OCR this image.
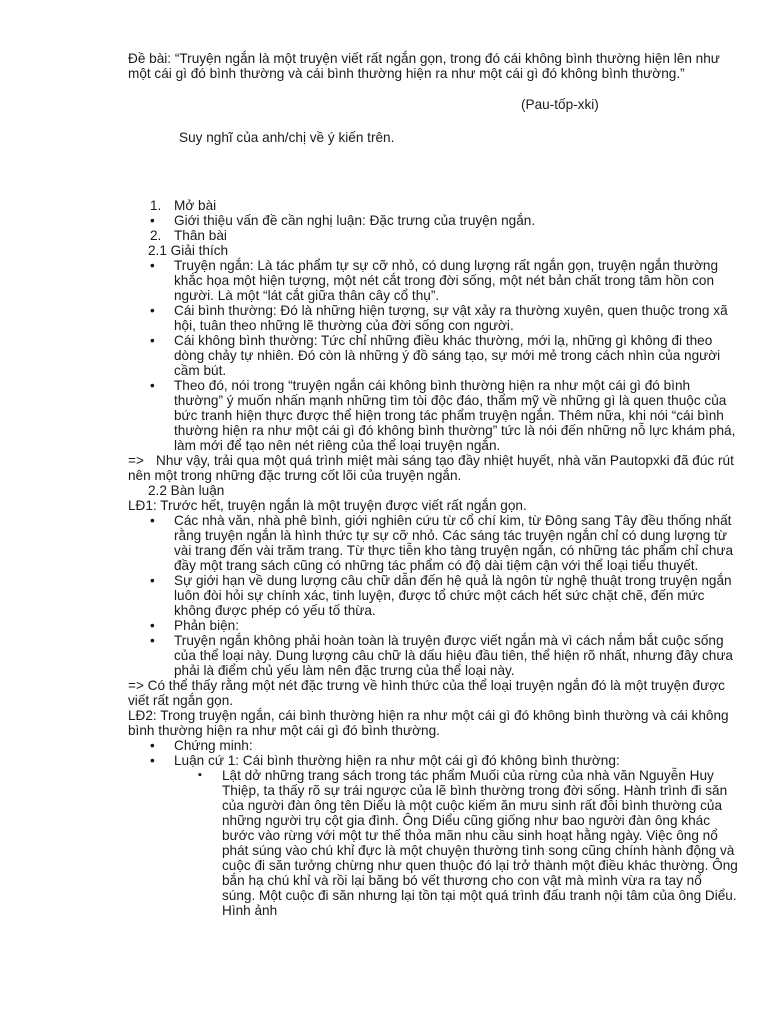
Đề bài: “Truyện ngắn là một truyện viết rất ngắn gọn, trong đó cái không bình thường hiện lên như một cái gì đó bình thường và cái bình thường hiện ra như một cái gì đó không bình thường.”

(Pau-tốp-xki)

Suy nghĩ của anh/chị về ý kiến trên.

1. Mở bài

• Giới thiệu vấn đề cần nghị luận: Đặc trưng của truyện ngắn.

2. Thân bài

2.1 Giải thích

• Truyện ngắn: Là tác phẩm tự sự cỡ nhỏ, có dung lượng rất ngắn gọn, truyện ngắn thường khắc họa một hiện tượng, một nét cắt trong đời sống, một nét bản chất trong tâm hồn con người. Là một “lát cắt giữa thân cây cổ thụ”.
• Cái bình thường: Đó là những hiện tượng, sự vật xảy ra thường xuyên, quen thuộc trong xã hội, tuân theo những lẽ thường của đời sống con người.
• Cái không bình thường: Tức chỉ những điều khác thường, mới lạ, những gì không đi theo dòng chảy tự nhiên. Đó còn là những ý đồ sáng tạo, sự mới mẻ trong cách nhìn của người cầm bút.
• Theo đó, nói trong “truyện ngắn cái không bình thường hiện ra như một cái gì đó bình thường” ý muốn nhấn mạnh những tìm tòi độc đáo, thẩm mỹ về những gì là quen thuộc của bức tranh hiện thực được thể hiện trong tác phẩm truyện ngắn. Thêm nữa, khi nói “cái bình thường hiện ra như một cái gì đó không bình thường” tức là nói đến những nỗ lực khám phá, làm mới để tạo nên nét riêng của thể loại truyện ngắn.

=> Như vậy, trải qua một quá trình miệt mài sáng tạo đầy nhiệt huyết, nhà văn Pautopxki đã đúc rút nên một trong những đặc trưng cốt lõi của truyện ngắn.

2.2 Bàn luận

LĐ1: Trước hết, truyện ngắn là một truyện được viết rất ngắn gọn.

• Các nhà văn, nhà phê bình, giới nghiên cứu từ cổ chí kim, từ Đông sang Tây đều thống nhất rằng truyện ngắn là hình thức tự sự cỡ nhỏ. Các sáng tác truyện ngắn chỉ có dung lượng từ vài trang đến vài trăm trang. Từ thực tiễn kho tàng truyện ngắn, có những tác phẩm chỉ chưa đầy một trang sách cũng có những tác phẩm có độ dài tiệm cận với thể loại tiểu thuyết.
• Sự giới hạn về dung lượng câu chữ dẫn đến hệ quả là ngôn từ nghệ thuật trong truyện ngắn luôn đòi hỏi sự chính xác, tinh luyện, được tổ chức một cách hết sức chặt chẽ, đến mức không được phép có yếu tố thừa.
• Phản biện:
• Truyện ngắn không phải hoàn toàn là truyện được viết ngắn mà vì cách nắm bắt cuộc sống của thể loại này. Dung lượng câu chữ là dấu hiệu đầu tiên, thể hiện rõ nhất, nhưng đây chưa phải là điểm chủ yếu làm nên đặc trưng của thể loại này.

=> Có thể thấy rằng một nét đặc trưng về hình thức của thể loại truyện ngắn đó là một truyện được viết rất ngắn gọn.

LĐ2: Trong truyện ngắn, cái bình thường hiện ra như một cái gì đó không bình thường và cái không bình thường hiện ra như một cái gì đó bình thường.

• Chứng minh:
• Luận cứ 1: Cái bình thường hiện ra như một cái gì đó không bình thường:
▪ Lật dở những trang sách trong tác phẩm Muối của rừng của nhà văn Nguyễn Huy Thiệp, ta thấy rõ sự trái ngược của lẽ bình thường trong đời sống. Hành trình đi săn của người đàn ông tên Diểu là một cuộc kiếm ăn mưu sinh rất đỗi bình thường của những người trụ cột gia đình. Ông Diểu cũng giống như bao người đàn ông khác bước vào rừng với một tư thế thỏa mãn nhu cầu sinh hoạt hằng ngày. Việc ông nổ phát súng vào chú khỉ đực là một chuyện thường tình song cũng chính hành động và cuộc đi săn tưởng chừng như quen thuộc đó lại trở thành một điều khác thường. Ông bắn hạ chú khỉ và rồi lại băng bó vết thương cho con vật mà mình vừa ra tay nổ súng. Một cuộc đi săn nhưng lại tồn tại một quá trình đấu tranh nội tâm của ông Diểu. Hình ảnh
